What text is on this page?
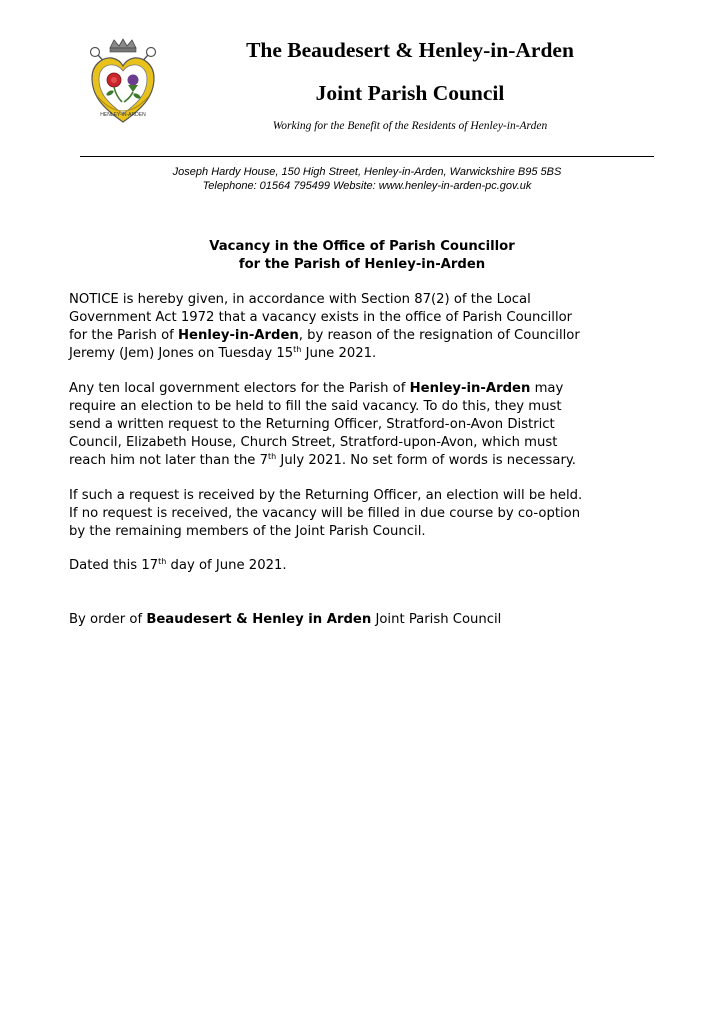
HENLEY-IN-ARDEN
The Beaudesert & Henley-in-Arden
Joint Parish Council
Working for the Benefit of the Residents of Henley-in-Arden
Joseph Hardy House, 150 High Street, Henley-in-Arden, Warwickshire B95 5BS
Telephone: 01564 795499 Website: www.henley-in-arden-pc.gov.uk
Vacancy in the Office of Parish Councillor
for the Parish of Henley-in-Arden
NOTICE is hereby given, in accordance with Section 87(2) of the Local
Government Act 1972 that a vacancy exists in the office of Parish Councillor
for the Parish of Henley-in-Arden, by reason of the resignation of Councillor
Jeremy (Jem) Jones on Tuesday 15th June 2021.
Any ten local government electors for the Parish of Henley-in-Arden may
require an election to be held to fill the said vacancy. To do this, they must
send a written request to the Returning Officer, Stratford-on-Avon District
Council, Elizabeth House, Church Street, Stratford-upon-Avon, which must
reach him not later than the 7th July 2021. No set form of words is necessary.
If such a request is received by the Returning Officer, an election will be held.
If no request is received, the vacancy will be filled in due course by co-option
by the remaining members of the Joint Parish Council.
Dated this 17th day of June 2021.
By order of Beaudesert & Henley in Arden Joint Parish Council
